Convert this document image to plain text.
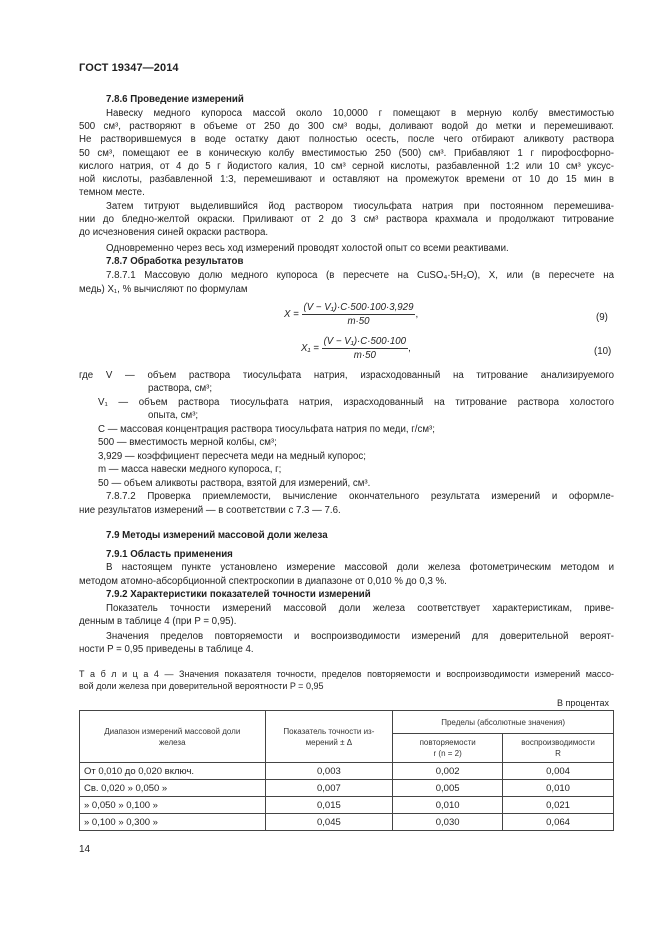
ГОСТ 19347—2014
7.8.6 Проведение измерений
Навеску медного купороса массой около 10,0000 г помещают в мерную колбу вместимостью
500 см³, растворяют в объеме от 250 до 300 см³ воды, доливают водой до метки и перемешивают.
Не растворившемуся в воде остатку дают полностью осесть, после чего отбирают аликвоту раствора
50 см³, помещают ее в коническую колбу вместимостью 250 (500) см³. Прибавляют 1 г пирофосфорно-
кислого натрия, от 4 до 5 г йодистого калия, 10 см³ серной кислоты, разбавленной 1:2 или 10 см³ уксус-
ной кислоты, разбавленной 1:3, перемешивают и оставляют на промежуток времени от 10 до 15 мин в
темном месте.
Затем титруют выделившийся йод раствором тиосульфата натрия при постоянном перемешива-
нии до бледно-желтой окраски. Приливают от 2 до 3 см³ раствора крахмала и продолжают титрование
до исчезновения синей окраски раствора.
Одновременно через весь ход измерений проводят холостой опыт со всеми реактивами.
7.8.7 Обработка результатов
7.8.7.1 Массовую долю медного купороса (в пересчете на CuSO₄·5H₂O), X, или (в пересчете на
медь) X₁, % вычисляют по формулам
$X = \frac{\text{(V − V₁)·C·500·100·3,929}}{m\cdot 50}$ ,	(9)
$X_1 = \frac{\text{(V − V₁)·C·500·100}}{m\cdot 50}$ ,	(10)
где V — объем раствора тиосульфата натрия, израсходованный на титрование анализируемого
раствора, см³;
V₁ — объем раствора тиосульфата натрия, израсходованный на титрование раствора холостого
опыта, см³;
C — массовая концентрация раствора тиосульфата натрия по меди, г/см³;
500 — вместимость мерной колбы, см³;
3,929 — коэффициент пересчета меди на медный купорос;
m — масса навески медного купороса, г;
50 — объем аликвоты раствора, взятой для измерений, см³.
7.8.7.2 Проверка приемлемости, вычисление окончательного результата измерений и оформле-
ние результатов измерений — в соответствии с 7.3 — 7.6.
7.9 Методы измерений массовой доли железа
7.9.1 Область применения
В настоящем пункте установлено измерение массовой доли железа фотометрическим методом и
методом атомно-абсорбционной спектроскопии в диапазоне от 0,010 % до 0,3 %.
7.9.2 Характеристики показателей точности измерений
Показатель точности измерений массовой доли железа соответствует характеристикам, приве-
денным в таблице 4 (при P = 0,95).
Значения пределов повторяемости и воспроизводимости измерений для доверительной вероят-
ности P = 0,95 приведены в таблице 4.
Т а б л и ц а 4 — Значения показателя точности, пределов повторяемости и воспроизводимости измерений массо-
вой доли железа при доверительной вероятности P = 0,95
В процентах
Диапазон измерений массовой доли
железа	Показатель точности из-
мерений ± Δ	Пределы (абсолютные значения)	
		повторяемости
r (n = 2)	воспроизводимости
R
От 0,010 до 0,020 включ.	0,003	0,002	0,004
Св. 0,020 » 0,050 »	0,007	0,005	0,010
» 0,050 » 0,100 »	0,015	0,010	0,021
» 0,100 » 0,300 »	0,045	0,030	0,064
14
